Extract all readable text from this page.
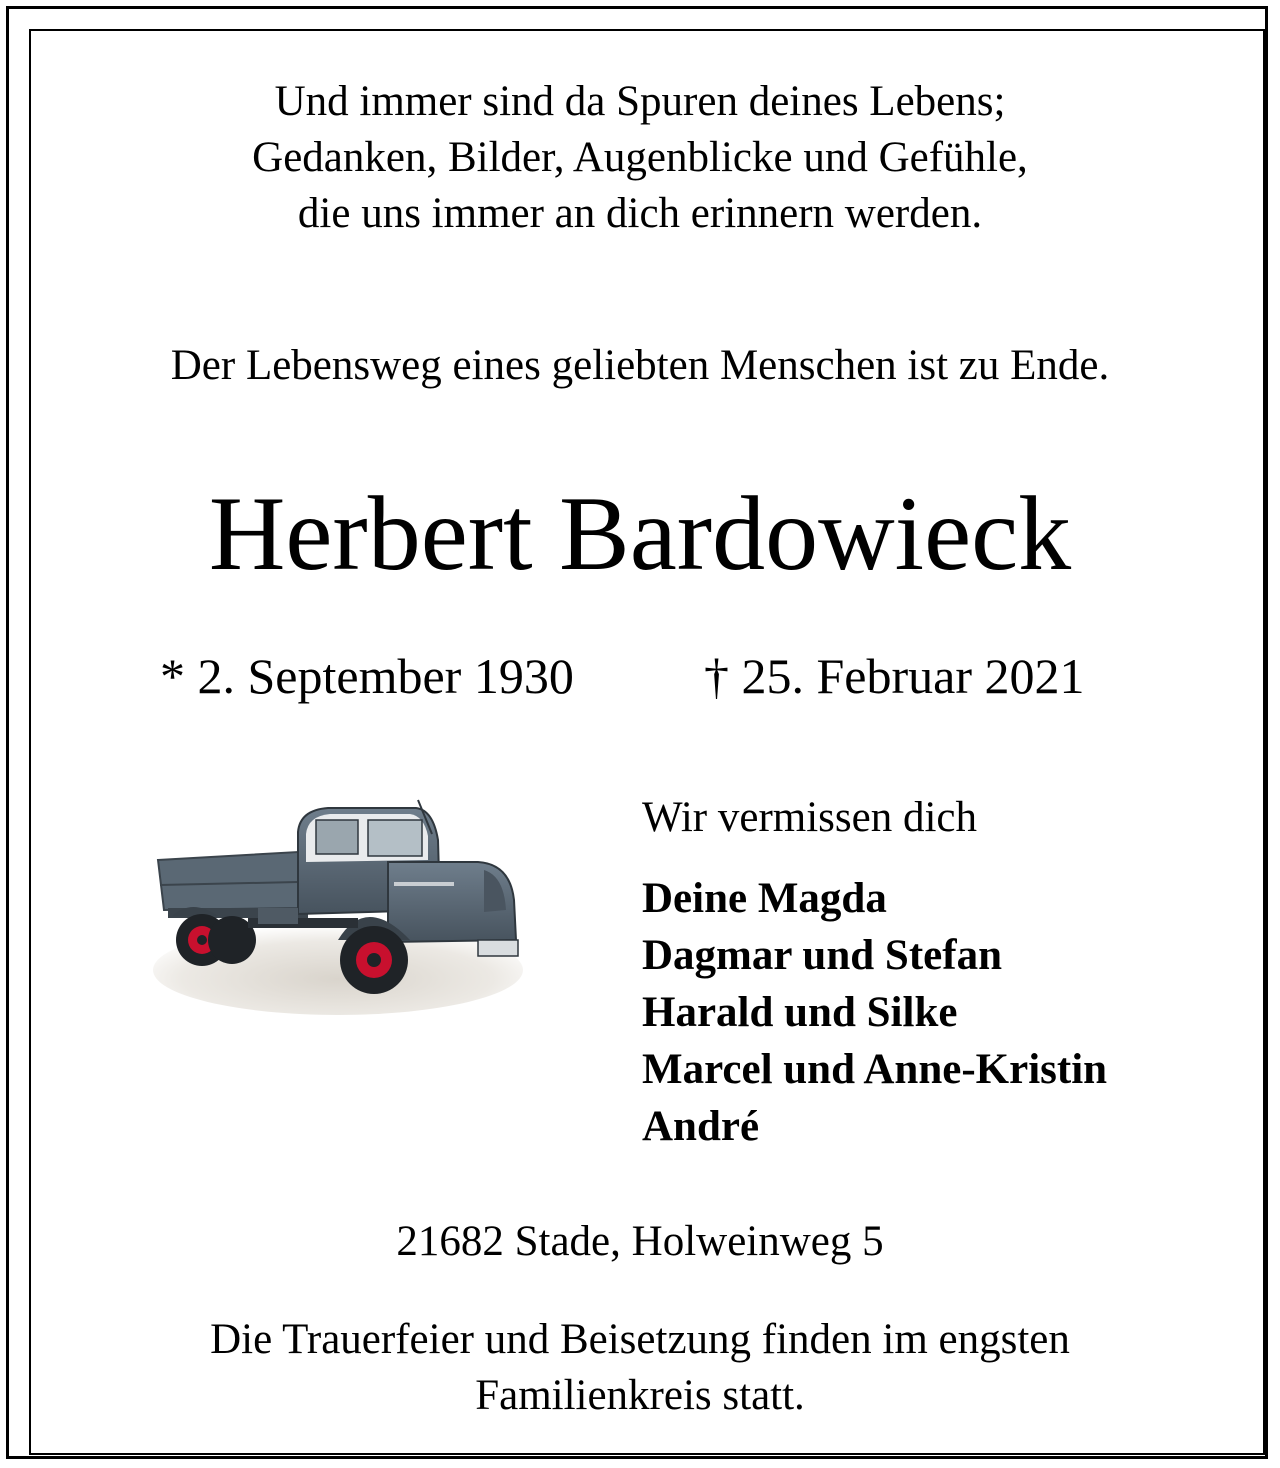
Und immer sind da Spuren deines Lebens;
Gedanken, Bilder, Augenblicke und Gefühle,
die uns immer an dich erinnern werden.
Der Lebensweg eines geliebten Menschen ist zu Ende.
Herbert Bardowieck
* 2. September 1930	† 25. Februar 2021
Wir vermissen dich
Deine Magda
Dagmar und Stefan
Harald und Silke
Marcel und Anne-Kristin
André
21682 Stade, Holweinweg 5
Die Trauerfeier und Beisetzung finden im engsten
Familienkreis statt.
